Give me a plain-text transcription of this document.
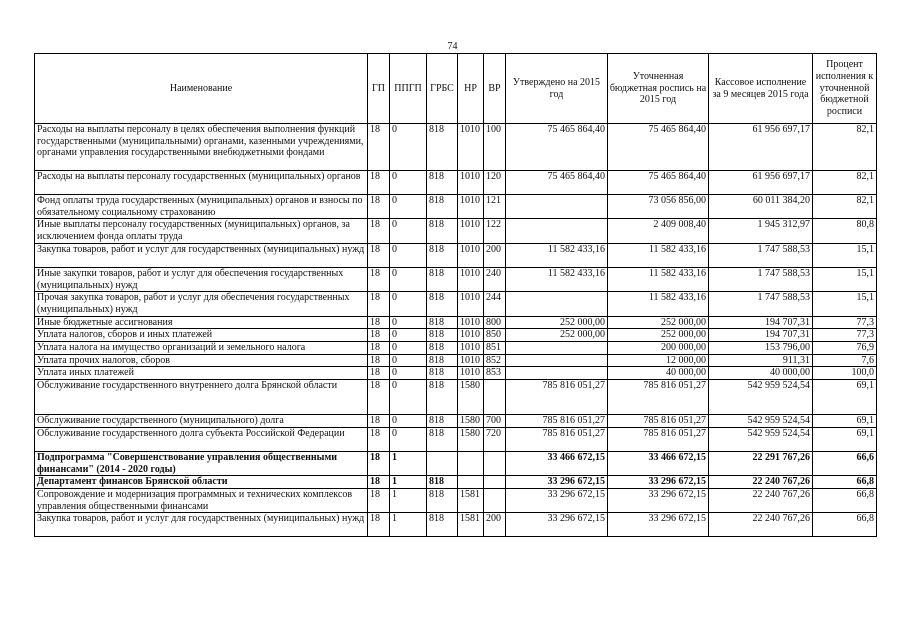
74
Наименование	ГП	ППГП	ГРБС	НР	ВР	Утверждено на 2015 год	Уточненная бюджетная роспись на 2015 год	Кассовое исполнение за 9 месяцев 2015 года	Процент исполнения к уточненной бюджетной росписи
Расходы на выплаты персоналу в целях обеспечения выполнения функций государственными (муниципальными) органами, казенными учреждениями, органами управления государственными внебюджетными фондами	18	0	818	1010	100	75 465 864,40	75 465 864,40	61 956 697,17	82,1
Расходы на выплаты персоналу государственных (муниципальных) органов	18	0	818	1010	120	75 465 864,40	75 465 864,40	61 956 697,17	82,1
Фонд оплаты труда государственных (муниципальных) органов и взносы по обязательному социальному страхованию	18	0	818	1010	121		73 056 856,00	60 011 384,20	82,1
Иные выплаты персоналу государственных (муниципальных) органов, за исключением фонда оплаты труда	18	0	818	1010	122		2 409 008,40	1 945 312,97	80,8
Закупка товаров, работ и услуг для государственных (муниципальных) нужд	18	0	818	1010	200	11 582 433,16	11 582 433,16	1 747 588,53	15,1
Иные закупки товаров, работ и услуг для обеспечения государственных (муниципальных) нужд	18	0	818	1010	240	11 582 433,16	11 582 433,16	1 747 588,53	15,1
Прочая закупка товаров, работ и услуг для обеспечения государственных (муниципальных) нужд	18	0	818	1010	244		11 582 433,16	1 747 588,53	15,1
Иные бюджетные ассигнования	18	0	818	1010	800	252 000,00	252 000,00	194 707,31	77,3
Уплата налогов, сборов и иных платежей	18	0	818	1010	850	252 000,00	252 000,00	194 707,31	77,3
Уплата налога на имущество организаций и земельного налога	18	0	818	1010	851		200 000,00	153 796,00	76,9
Уплата прочих налогов, сборов	18	0	818	1010	852		12 000,00	911,31	7,6
Уплата иных платежей	18	0	818	1010	853		40 000,00	40 000,00	100,0
Обслуживание государственного внутреннего долга Брянской области	18	0	818	1580		785 816 051,27	785 816 051,27	542 959 524,54	69,1
Обслуживание государственного (муниципального) долга	18	0	818	1580	700	785 816 051,27	785 816 051,27	542 959 524,54	69,1
Обслуживание государственного долга субъекта Российской Федерации	18	0	818	1580	720	785 816 051,27	785 816 051,27	542 959 524,54	69,1
Подпрограмма "Совершенствование управления общественными финансами" (2014 - 2020 годы)	18	1				33 466 672,15	33 466 672,15	22 291 767,26	66,6
Департамент финансов Брянской области	18	1	818			33 296 672,15	33 296 672,15	22 240 767,26	66,8
Сопровождение и модернизация программных и технических комплексов управления общественными финансами	18	1	818	1581		33 296 672,15	33 296 672,15	22 240 767,26	66,8
Закупка товаров, работ и услуг для государственных (муниципальных) нужд	18	1	818	1581	200	33 296 672,15	33 296 672,15	22 240 767,26	66,8
